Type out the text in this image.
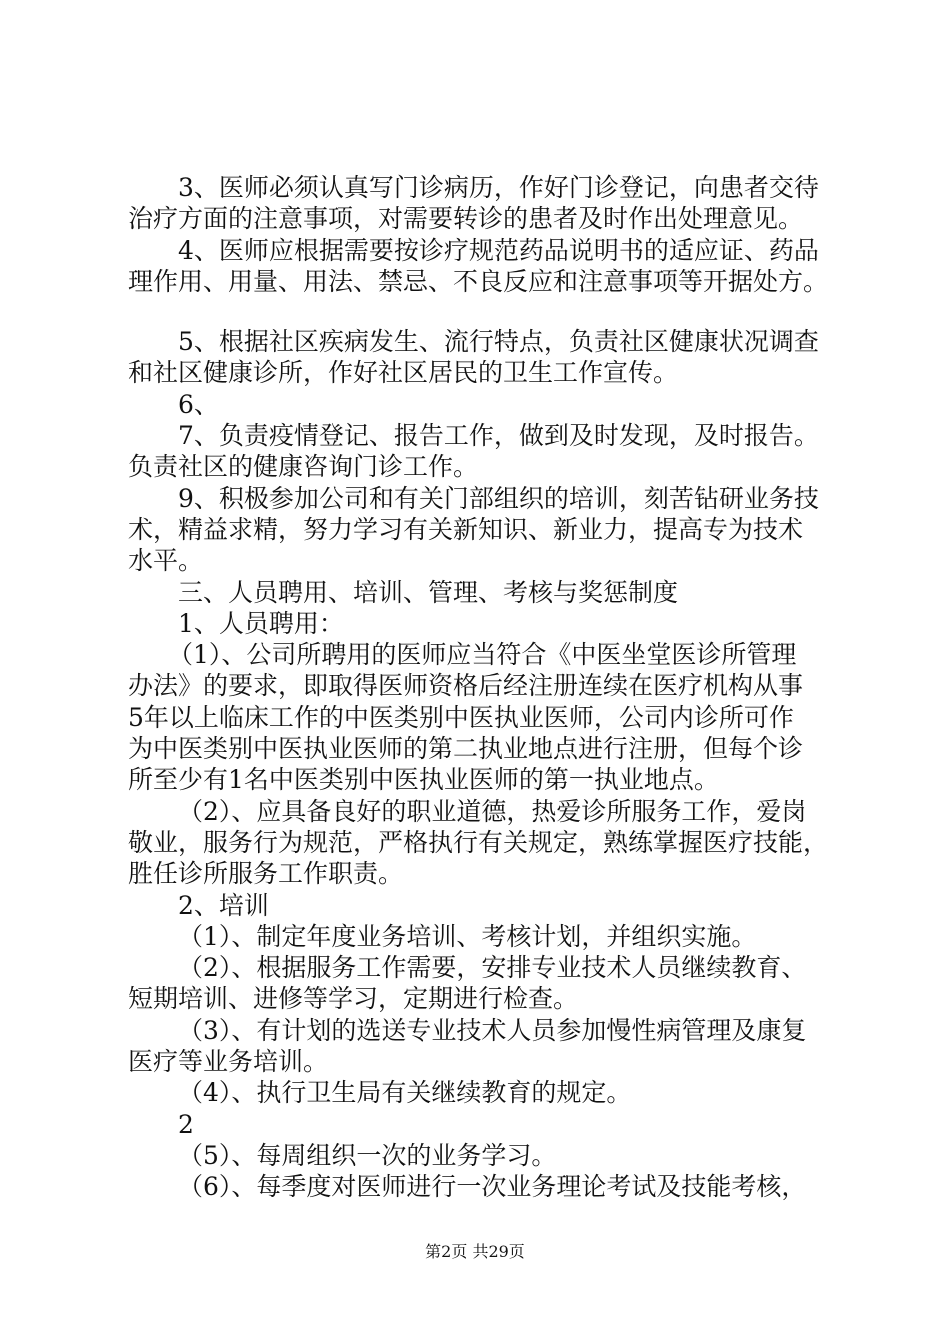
3、医师必须认真写门诊病历，作好门诊登记，向患者交待
治疗方面的注意事项，对需要转诊的患者及时作出处理意见。
4、医师应根据需要按诊疗规范药品说明书的适应证、药品
理作用、用量、用法、禁忌、不良反应和注意事项等开据处方。
5、根据社区疾病发生、流行特点，负责社区健康状况调查
和社区健康诊所，作好社区居民的卫生工作宣传。
6、
7、负责疫情登记、报告工作，做到及时发现，及时报告。
负责社区的健康咨询门诊工作。
9、积极参加公司和有关门部组织的培训，刻苦钻研业务技
术，精益求精，努力学习有关新知识、新业力，提高专为技术
水平。
三、人员聘用、培训、管理、考核与奖惩制度
1、人员聘用：
（1）、公司所聘用的医师应当符合《中医坐堂医诊所管理
办法》的要求，即取得医师资格后经注册连续在医疗机构从事
5年以上临床工作的中医类别中医执业医师，公司内诊所可作
为中医类别中医执业医师的第二执业地点进行注册，但每个诊
所至少有1名中医类别中医执业医师的第一执业地点。
（2）、应具备良好的职业道德，热爱诊所服务工作，爱岗
敬业，服务行为规范，严格执行有关规定，熟练掌握医疗技能，
胜任诊所服务工作职责。
2、培训
（1）、制定年度业务培训、考核计划，并组织实施。
（2）、根据服务工作需要，安排专业技术人员继续教育、
短期培训、进修等学习，定期进行检查。
（3）、有计划的选送专业技术人员参加慢性病管理及康复
医疗等业务培训。
（4）、执行卫生局有关继续教育的规定。
2
（5）、每周组织一次的业务学习。
（6）、每季度对医师进行一次业务理论考试及技能考核，
第2页 共29页
